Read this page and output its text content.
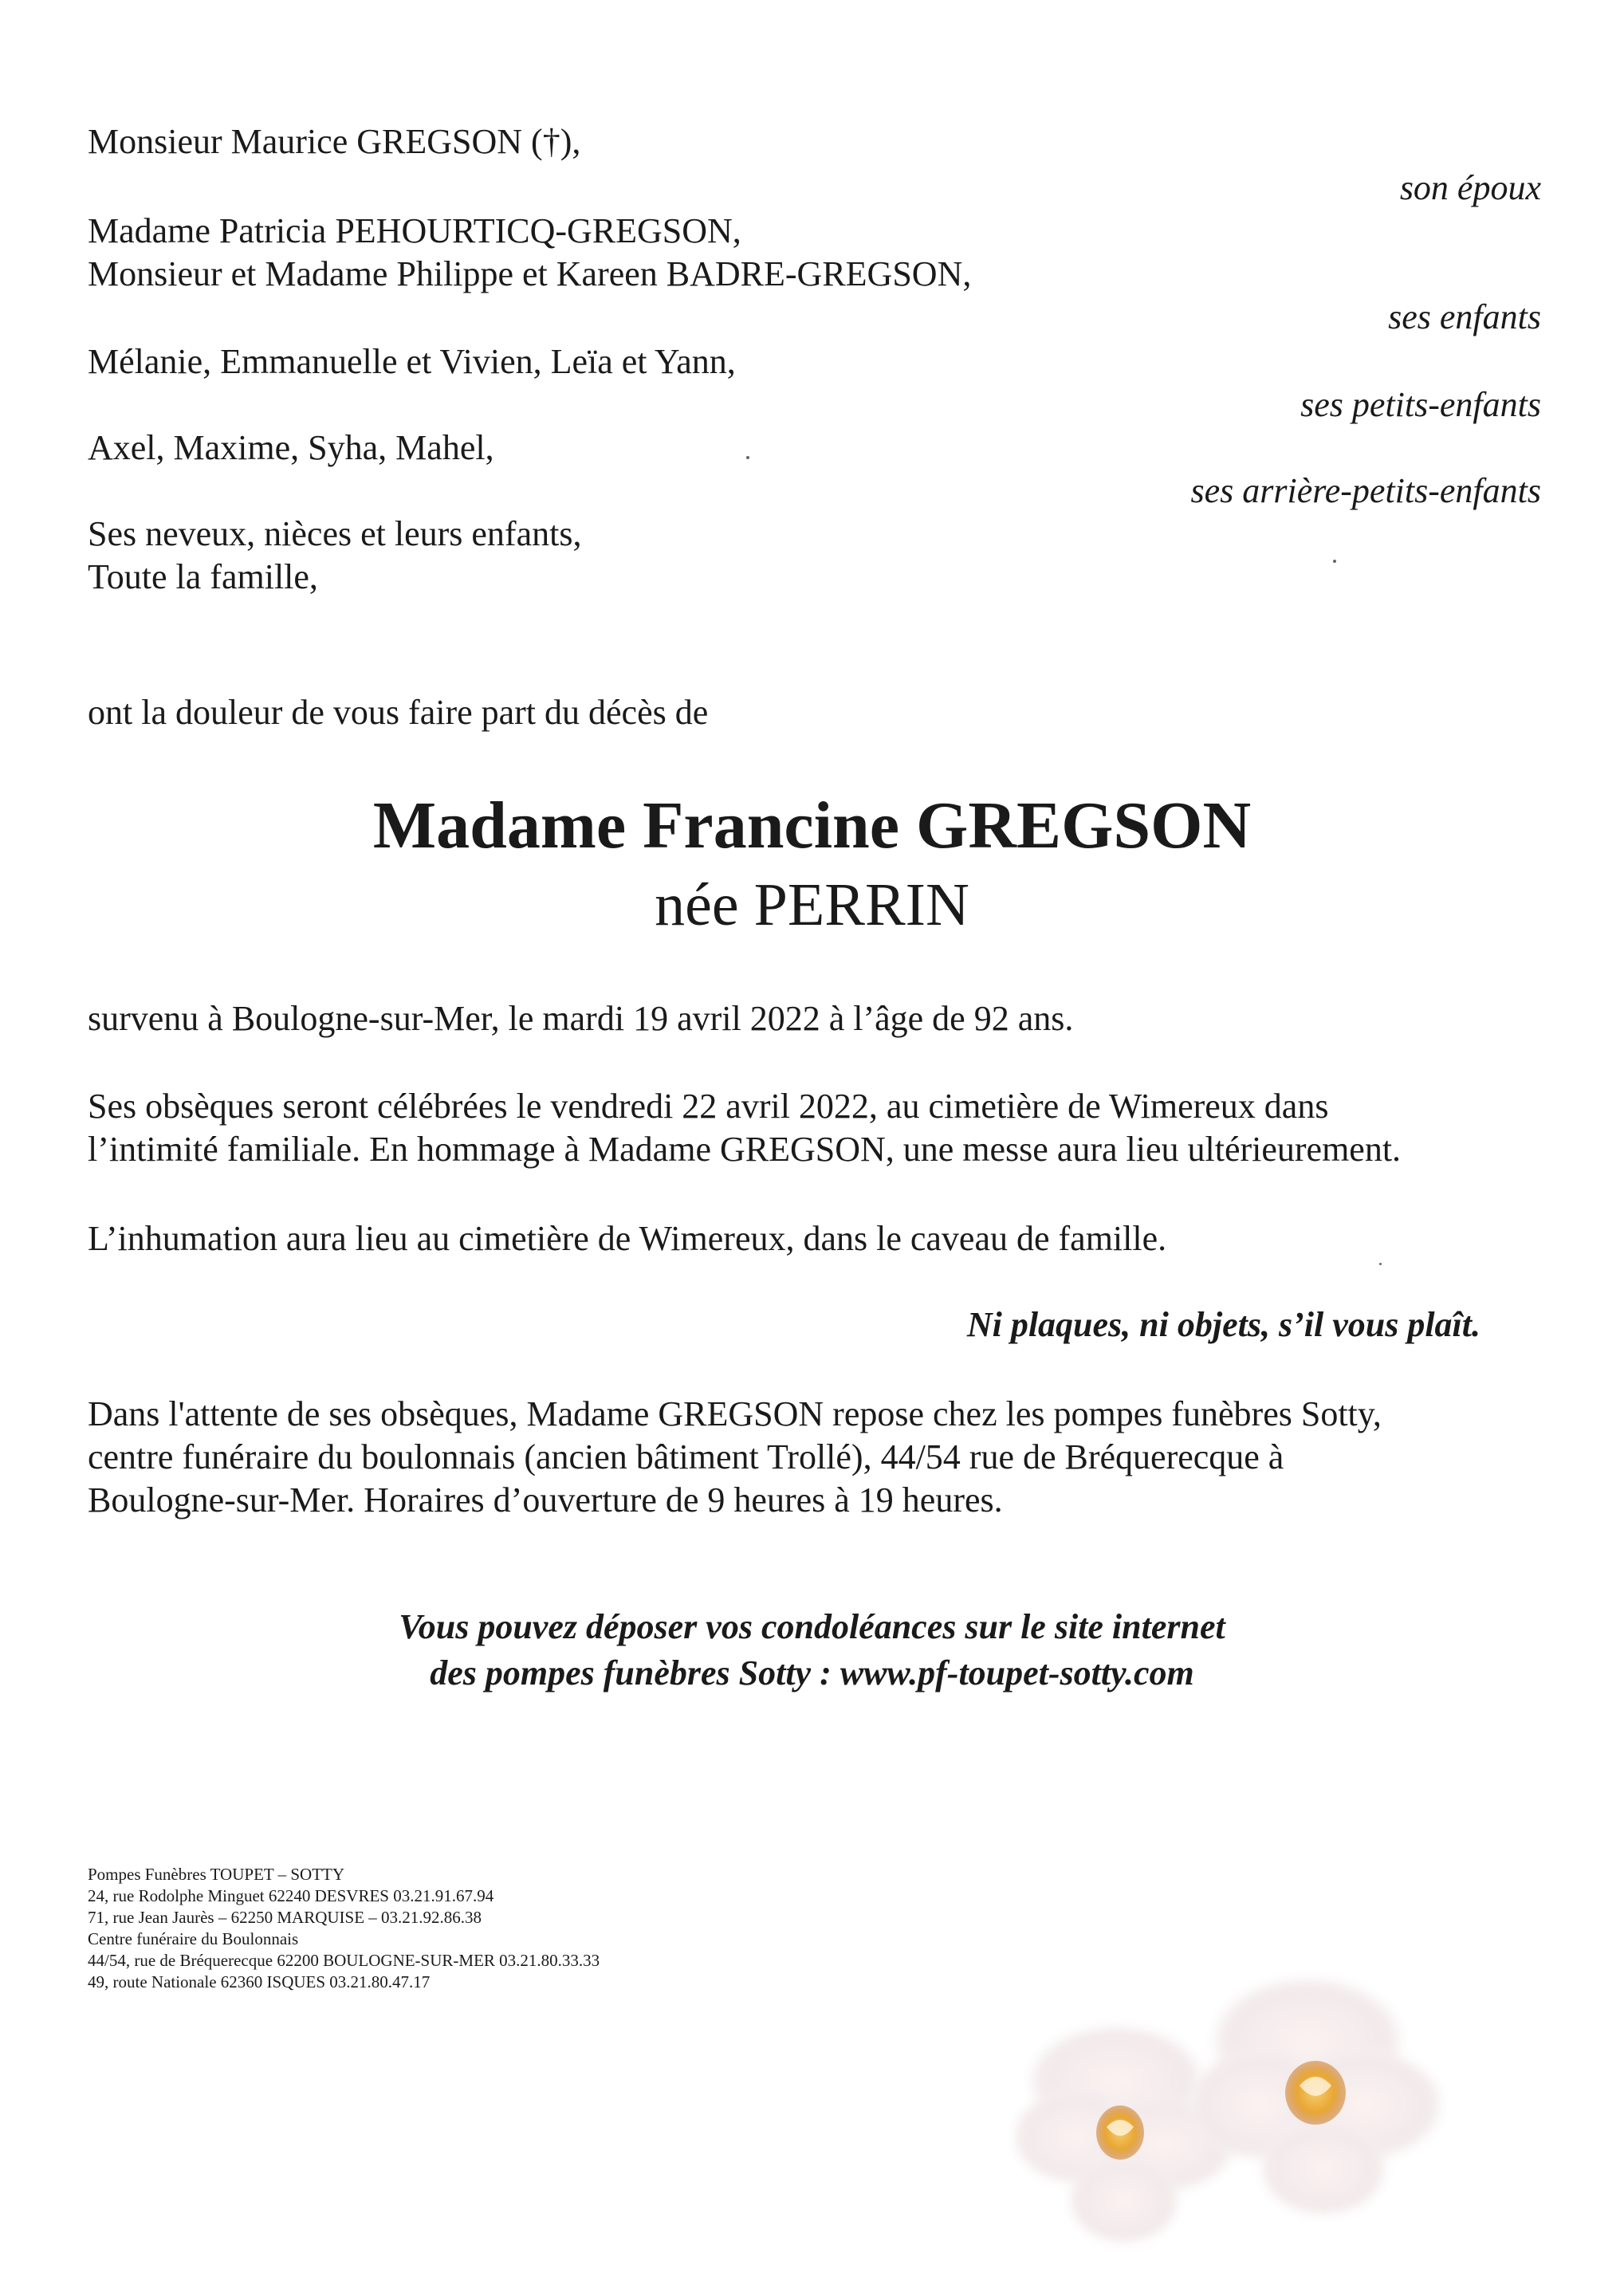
Monsieur Maurice GREGSON (†),
son époux
Madame Patricia PEHOURTICQ-GREGSON,
Monsieur et Madame Philippe et Kareen BADRE-GREGSON,
ses enfants
Mélanie, Emmanuelle et Vivien, Leïa et Yann,
ses petits-enfants
Axel, Maxime, Syha, Mahel,
ses arrière-petits-enfants
Ses neveux, nièces et leurs enfants,
Toute la famille,
ont la douleur de vous faire part du décès de
Madame Francine GREGSON
née PERRIN
survenu à Boulogne-sur-Mer, le mardi 19 avril 2022 à l’âge de 92 ans.
Ses obsèques seront célébrées le vendredi 22 avril 2022, au cimetière de Wimereux dans
l’intimité familiale. En hommage à Madame GREGSON, une messe aura lieu ultérieurement.
L’inhumation aura lieu au cimetière de Wimereux, dans le caveau de famille.
Ni plaques, ni objets, s’il vous plaît.
Dans l'attente de ses obsèques, Madame GREGSON repose chez les pompes funèbres Sotty,
centre funéraire du boulonnais (ancien bâtiment Trollé), 44/54 rue de Bréquerecque à
Boulogne-sur-Mer. Horaires d’ouverture de 9 heures à 19 heures.
Vous pouvez déposer vos condoléances sur le site internet
des pompes funèbres Sotty : www.pf-toupet-sotty.com
Pompes Funèbres TOUPET – SOTTY
24, rue Rodolphe Minguet 62240 DESVRES 03.21.91.67.94
71, rue Jean Jaurès – 62250 MARQUISE – 03.21.92.86.38
Centre funéraire du Boulonnais
44/54, rue de Bréquerecque 62200 BOULOGNE-SUR-MER 03.21.80.33.33
49, route Nationale 62360 ISQUES 03.21.80.47.17
